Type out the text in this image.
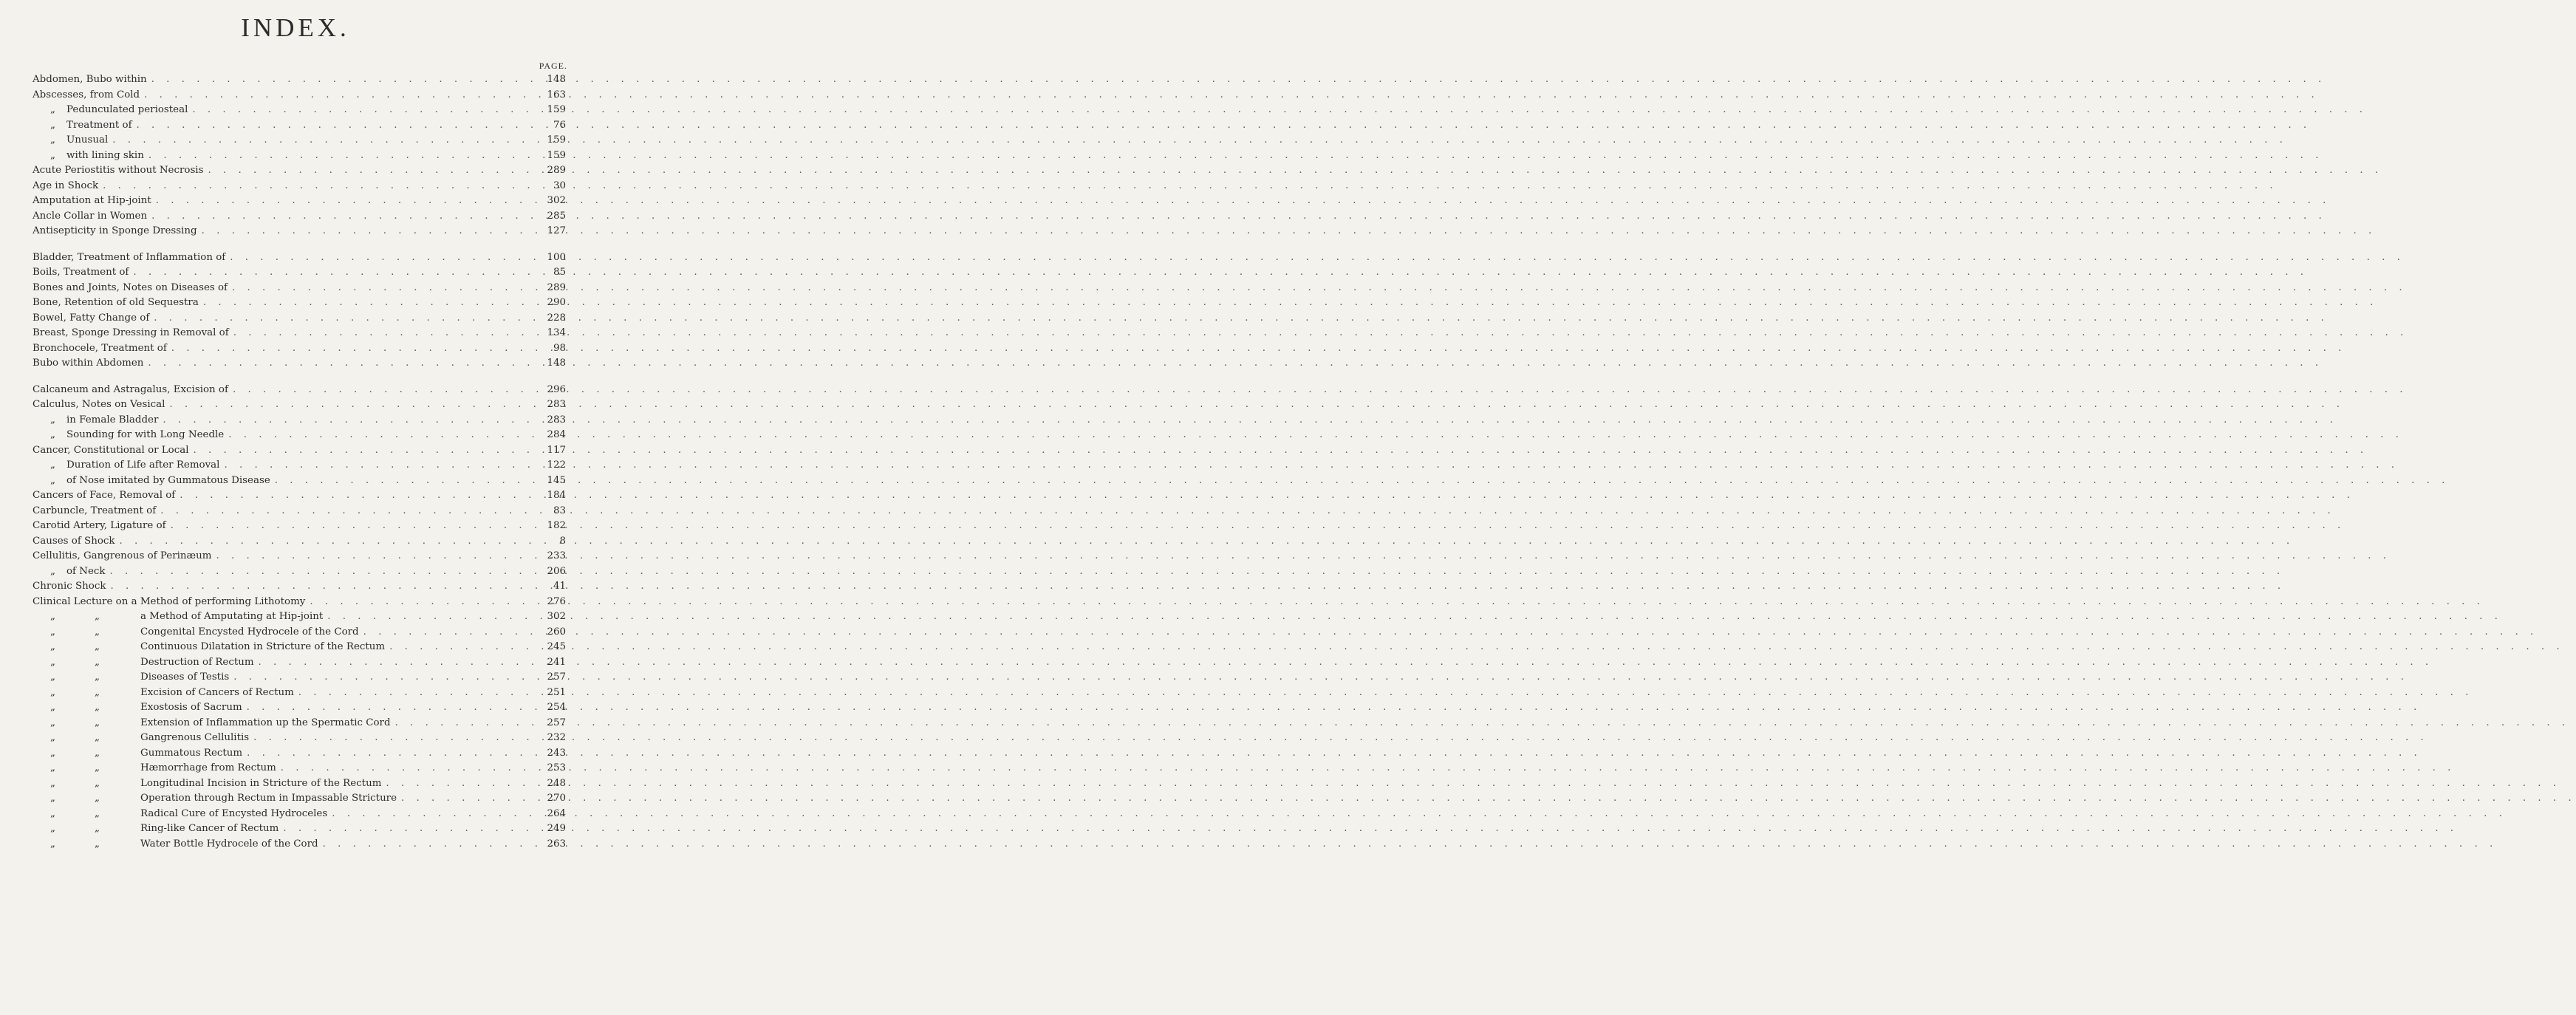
INDEX.
PAGE.
Abdomen, Bubo within . . .	148
Abscesses, from Cold . . .	163
„ Pedunculated periosteal . . .	159
„ Treatment of . . .	76
„ Unusual . . .	159
„ with lining skin . . .	159
Acute Periostitis without Necrosis . . .	289
Age in Shock . . .	30
Amputation at Hip-joint . . .	302
Ancle Collar in Women . . .	285
Antisepticity in Sponge Dressing . . .	127
Bladder, Treatment of Inflammation of . . .	100
Boils, Treatment of . . .	85
Bones and Joints, Notes on Diseases of . . .	289
Bone, Retention of old Sequestra . . .	290
Bowel, Fatty Change of . . .	228
Breast, Sponge Dressing in Removal of . . .	134
Bronchocele, Treatment of . . .	98
Bubo within Abdomen . . .	148
Calcaneum and Astragalus, Excision of . . .	296
Calculus, Notes on Vesical . . .	283
„ in Female Bladder . . .	283
„ Sounding for with Long Needle . . .	284
Cancer, Constitutional or Local . . .	117
„ Duration of Life after Removal . . .	122
„ of Nose imitated by Gummatous Disease . . .	145
Cancers of Face, Removal of . . .	184
Carbuncle, Treatment of . . .	83
Carotid Artery, Ligature of . . .	182
Causes of Shock . . .	8
Cellulitis, Gangrenous of Perinæum . . .	233
„ of Neck . . .	206
Chronic Shock . . .	41
Clinical Lecture on a Method of performing Lithotomy . . .	276
„	„	a Method of Amputating at Hip-joint . . .	302
„	„	Congenital Encysted Hydrocele of the Cord . . .	260
„	„	Continuous Dilatation in Stricture of the Rectum . . .	245
„	„	Destruction of Rectum . . .	241
„	„	Diseases of Testis . . .	257
„	„	Excision of Cancers of Rectum . . .	251
„	„	Exostosis of Sacrum . . .	254
„	„	Extension of Inflammation up the Spermatic Cord . . .	257
„	„	Gangrenous Cellulitis . . .	232
„	„	Gummatous Rectum . . .	243
„	„	Hæmorrhage from Rectum . . .	253
„	„	Longitudinal Incision in Stricture of the Rectum . . .	248
„	„	Operation through Rectum in Impassable Stricture . . .	270
„	„	Radical Cure of Encysted Hydroceles . . .	264
„	„	Ring-like Cancer of Rectum . . .	249
„	„	Water Bottle Hydrocele of the Cord . . .	263
